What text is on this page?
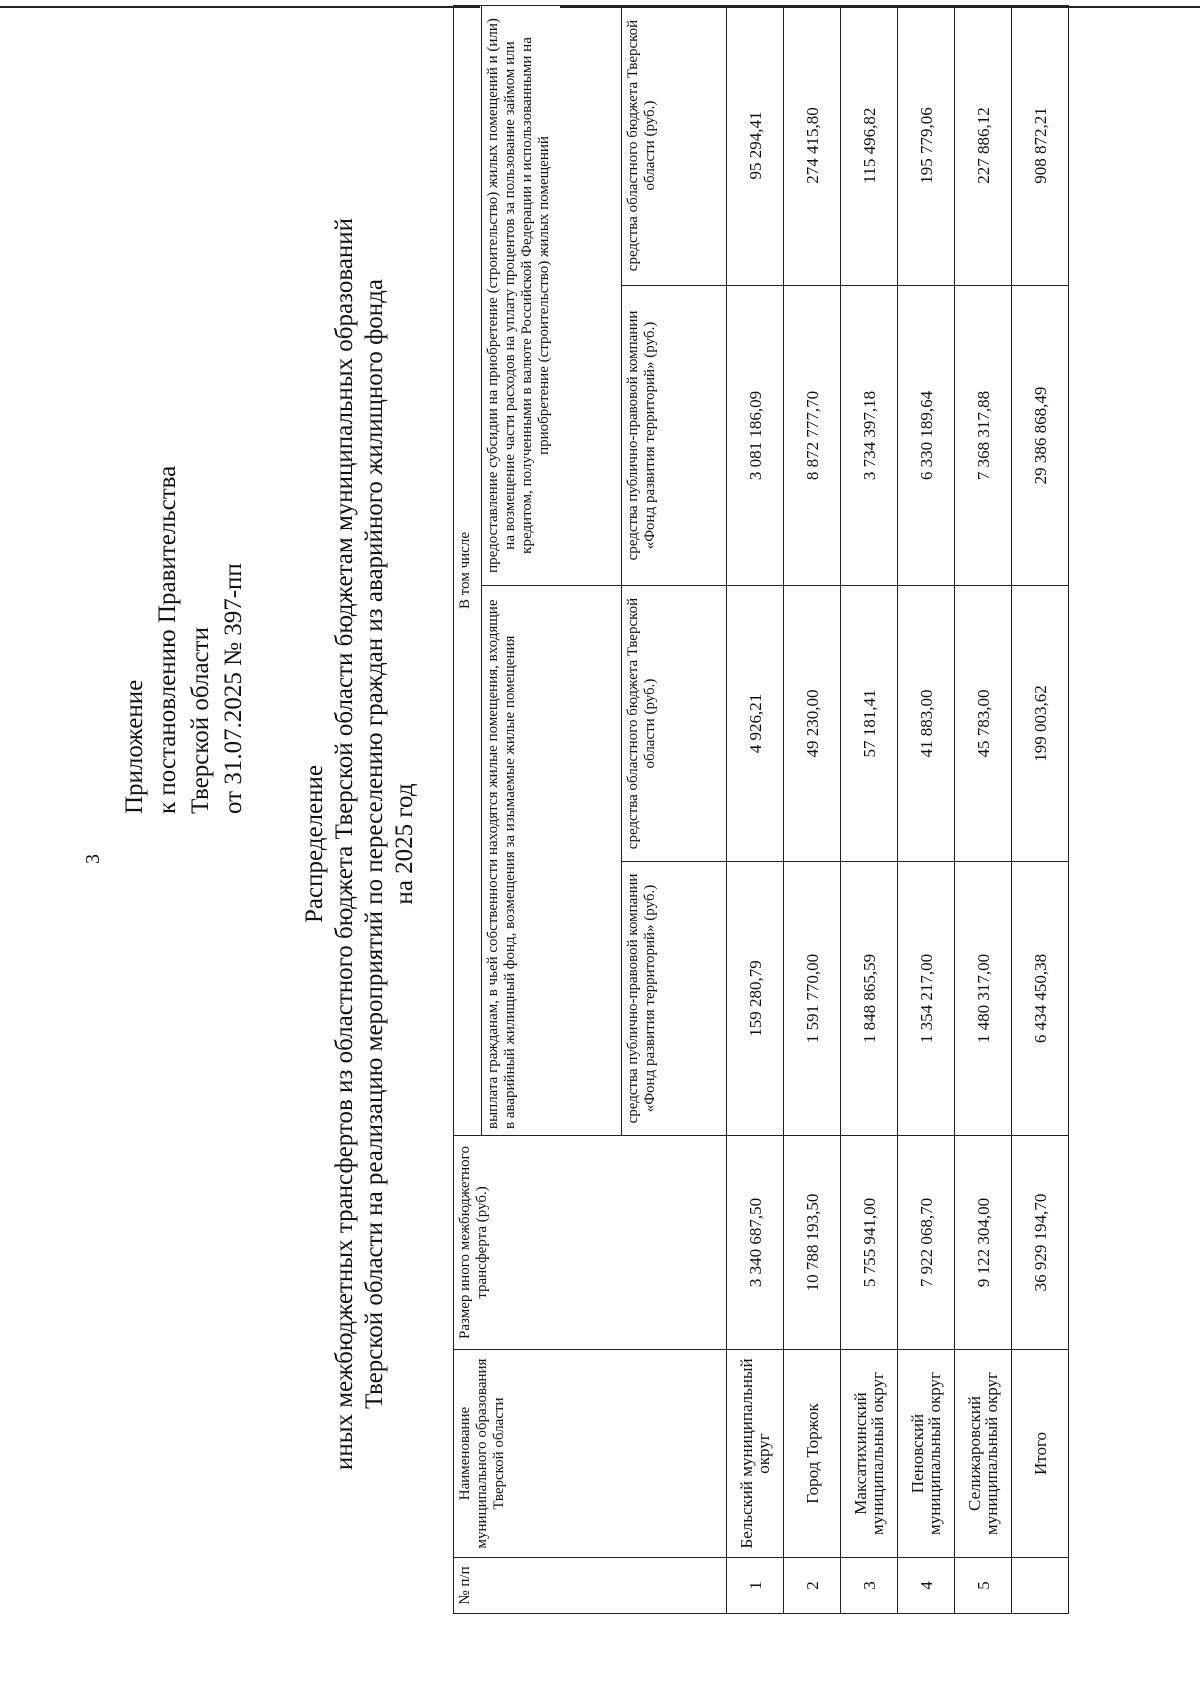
3
Приложение к постановлению Правительства Тверской области от 31.07.2025 № 397-пп
Распределение иных межбюджетных трансфертов из областного бюджета Тверской области бюджетам муниципальных образований Тверской области на реализацию мероприятий по переселению граждан из аварийного жилищного фонда на 2025 год
№ п/п	Наименование муниципального образования Тверской области	Размер иного межбюджетного трансферта (руб.)	В том числе			
			выплата гражданам, в чьей собственности находятся жилые помещения, входящие в аварийный жилищный фонд, возмещения за изымаемые жилые помещения		предоставление субсидии на приобретение (строительство) жилых помещений и (или) на возмещение части расходов на уплату процентов за пользование займом или кредитом, полученными в валюте Российской Федерации и использованными на приобретение (строительство) жилых помещений	
			средства публично-правовой компании «Фонд развития территорий» (руб.)	средства областного бюджета Тверской области (руб.)	средства публично-правовой компании «Фонд развития территорий» (руб.)	средства областного бюджета Тверской области (руб.)
1	Бельский муниципальный округ	3 340 687,50	159 280,79	4 926,21	3 081 186,09	95 294,41
2	Город Торжок	10 788 193,50	1 591 770,00	49 230,00	8 872 777,70	274 415,80
3	Максатихинский муниципальный округ	5 755 941,00	1 848 865,59	57 181,41	3 734 397,18	115 496,82
4	Пеновский муниципальный округ	7 922 068,70	1 354 217,00	41 883,00	6 330 189,64	195 779,06
5	Селижаровский муниципальный округ	9 122 304,00	1 480 317,00	45 783,00	7 368 317,88	227 886,12
	Итого	36 929 194,70	6 434 450,38	199 003,62	29 386 868,49	908 872,21
